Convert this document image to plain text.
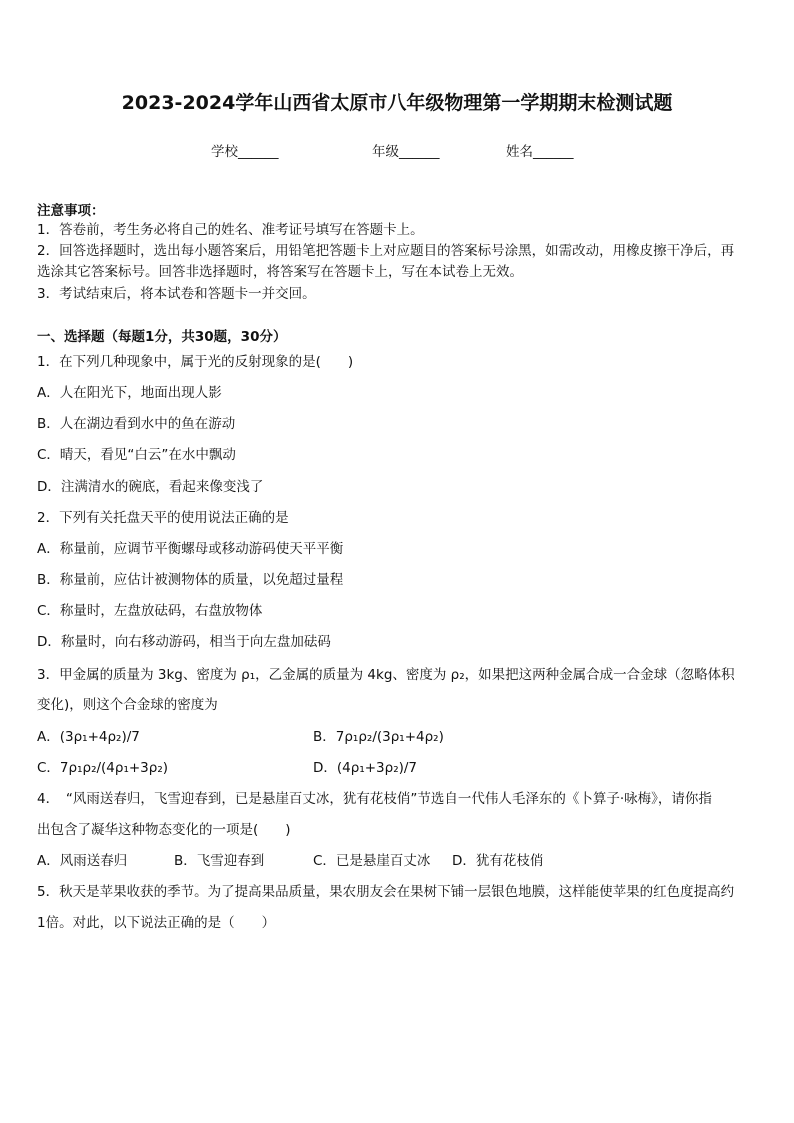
2023-2024学年山西省太原市八年级物理第一学期期末检测试题
学校______	年级______	姓名______
注意事项：
1．答卷前，考生务必将自己的姓名、准考证号填写在答题卡上。
2．回答选择题时，选出每小题答案后，用铅笔把答题卡上对应题目的答案标号涂黑，如需改动，用橡皮擦干净后，再
选涂其它答案标号。回答非选择题时，将答案写在答题卡上，写在本试卷上无效。
3．考试结束后，将本试卷和答题卡一并交回。
一、选择题（每题1分，共30题，30分）
1．在下列几种现象中，属于光的反射现象的是(　　)
A．人在阳光下，地面出现人影
B．人在湖边看到水中的鱼在游动
C．晴天，看见“白云”在水中飘动
D．注满清水的碗底，看起来像变浅了
2．下列有关托盘天平的使用说法正确的是
A．称量前，应调节平衡螺母或移动游码使天平平衡
B．称量前，应估计被测物体的质量，以免超过量程
C．称量时，左盘放砝码，右盘放物体
D．称量时，向右移动游码，相当于向左盘加砝码
3．甲金属的质量为 3kg、密度为 ρ₁，乙金属的质量为 4kg、密度为 ρ₂，如果把这两种金属合成一合金球（忽略体积
变化)，则这个合金球的密度为
A．(3ρ₁+4ρ₂)/7	B．7ρ₁ρ₂/(3ρ₁+4ρ₂)
C．7ρ₁ρ₂/(4ρ₁+3ρ₂)	D．(4ρ₁+3ρ₂)/7
4．　“风雨送春归，飞雪迎春到，已是悬崖百丈冰，犹有花枝俏”节选自一代伟人毛泽东的《卜算子·咏梅》，请你指
出包含了凝华这种物态变化的一项是(　　)
A．风雨送春归	B．飞雪迎春到	C．已是悬崖百丈冰 D．犹有花枝俏
5．秋天是苹果收获的季节。为了提高果品质量，果农朋友会在果树下铺一层银色地膜，这样能使苹果的红色度提高约
1倍。对此，以下说法正确的是（　　）
